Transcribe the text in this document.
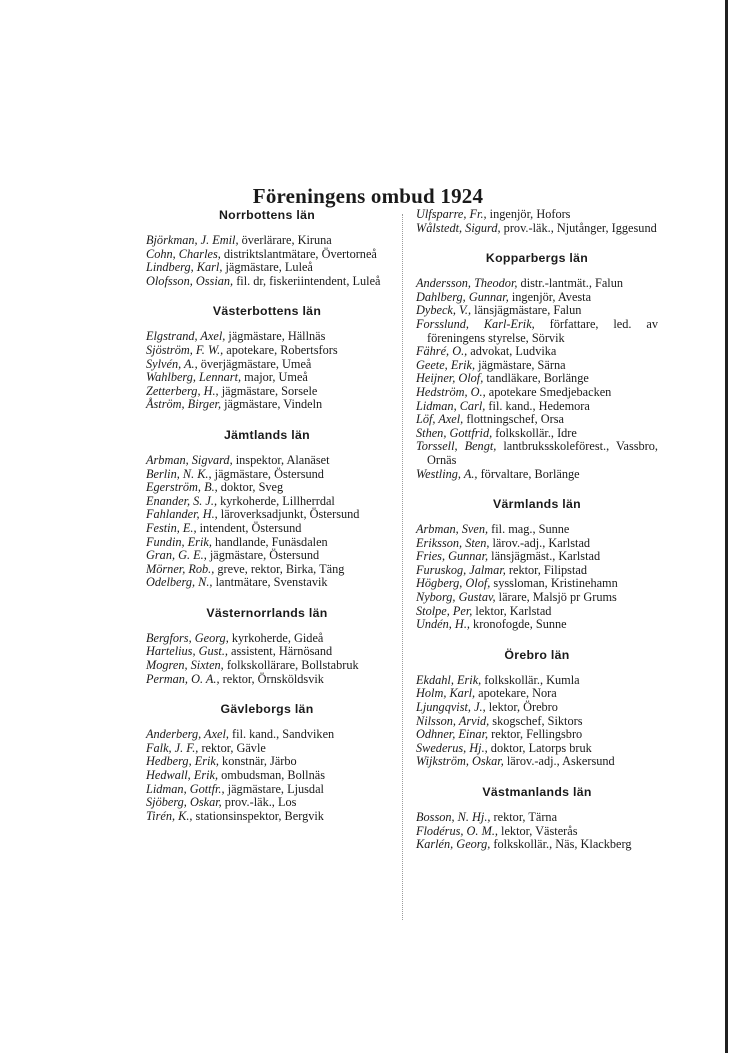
Föreningens ombud 1924
Norrbottens län
Björkman, J. Emil, överlärare, Kiruna
Cohn, Charles, distriktslantmätare, Övertorneå
Lindberg, Karl, jägmästare, Luleå
Olofsson, Ossian, fil. dr, fiskeriintendent, Luleå
Västerbottens län
Elgstrand, Axel, jägmästare, Hällnäs
Sjöström, F. W., apotekare, Robertsfors
Sylvén, A., överjägmästare, Umeå
Wahlberg, Lennart, major, Umeå
Zetterberg, H., jägmästare, Sorsele
Åström, Birger, jägmästare, Vindeln
Jämtlands län
Arbman, Sigvard, inspektor, Alanäset
Berlin, N. K., jägmästare, Östersund
Egerström, B., doktor, Sveg
Enander, S. J., kyrkoherde, Lillherrdal
Fahlander, H., läroverksadjunkt, Östersund
Festin, E., intendent, Östersund
Fundin, Erik, handlande, Funäsdalen
Gran, G. E., jägmästare, Östersund
Mörner, Rob., greve, rektor, Birka, Täng
Odelberg, N., lantmätare, Svenstavik
Västernorrlands län
Bergfors, Georg, kyrkoherde, Gideå
Hartelius, Gust., assistent, Härnösand
Mogren, Sixten, folkskollärare, Bollstabruk
Perman, O. A., rektor, Örnsköldsvik
Gävleborgs län
Anderberg, Axel, fil. kand., Sandviken
Falk, J. F., rektor, Gävle
Hedberg, Erik, konstnär, Järbo
Hedwall, Erik, ombudsman, Bollnäs
Lidman, Gottfr., jägmästare, Ljusdal
Sjöberg, Oskar, prov.-läk., Los
Tirén, K., stationsinspektor, Bergvik
Ulfsparre, Fr., ingenjör, Hofors
Wålstedt, Sigurd, prov.-läk., Njutånger, Iggesund
Kopparbergs län
Andersson, Theodor, distr.-lantmät., Falun
Dahlberg, Gunnar, ingenjör, Avesta
Dybeck, V., länsjägmästare, Falun
Forsslund, Karl-Erik, författare, led. av föreningens styrelse, Sörvik
Fähré, O., advokat, Ludvika
Geete, Erik, jägmästare, Särna
Heijner, Olof, tandläkare, Borlänge
Hedström, O., apotekare Smedjebacken
Lidman, Carl, fil. kand., Hedemora
Löf, Axel, flottningschef, Orsa
Sthen, Gottfrid, folkskollär., Idre
Torssell, Bengt, lantbruksskoleförest., Vassbro, Ornäs
Westling, A., förvaltare, Borlänge
Värmlands län
Arbman, Sven, fil. mag., Sunne
Eriksson, Sten, lärov.-adj., Karlstad
Fries, Gunnar, länsjägmäst., Karlstad
Furuskog, Jalmar, rektor, Filipstad
Högberg, Olof, syssloman, Kristinehamn
Nyborg, Gustav, lärare, Malsjö pr Grums
Stolpe, Per, lektor, Karlstad
Undén, H., kronofogde, Sunne
Örebro län
Ekdahl, Erik, folkskollär., Kumla
Holm, Karl, apotekare, Nora
Ljungqvist, J., lektor, Örebro
Nilsson, Arvid, skogschef, Siktors
Odhner, Einar, rektor, Fellingsbro
Swederus, Hj., doktor, Latorps bruk
Wijkström, Oskar, lärov.-adj., Askersund
Västmanlands län
Bosson, N. Hj., rektor, Tärna
Flodérus, O. M., lektor, Västerås
Karlén, Georg, folkskollär., Näs, Klackberg
